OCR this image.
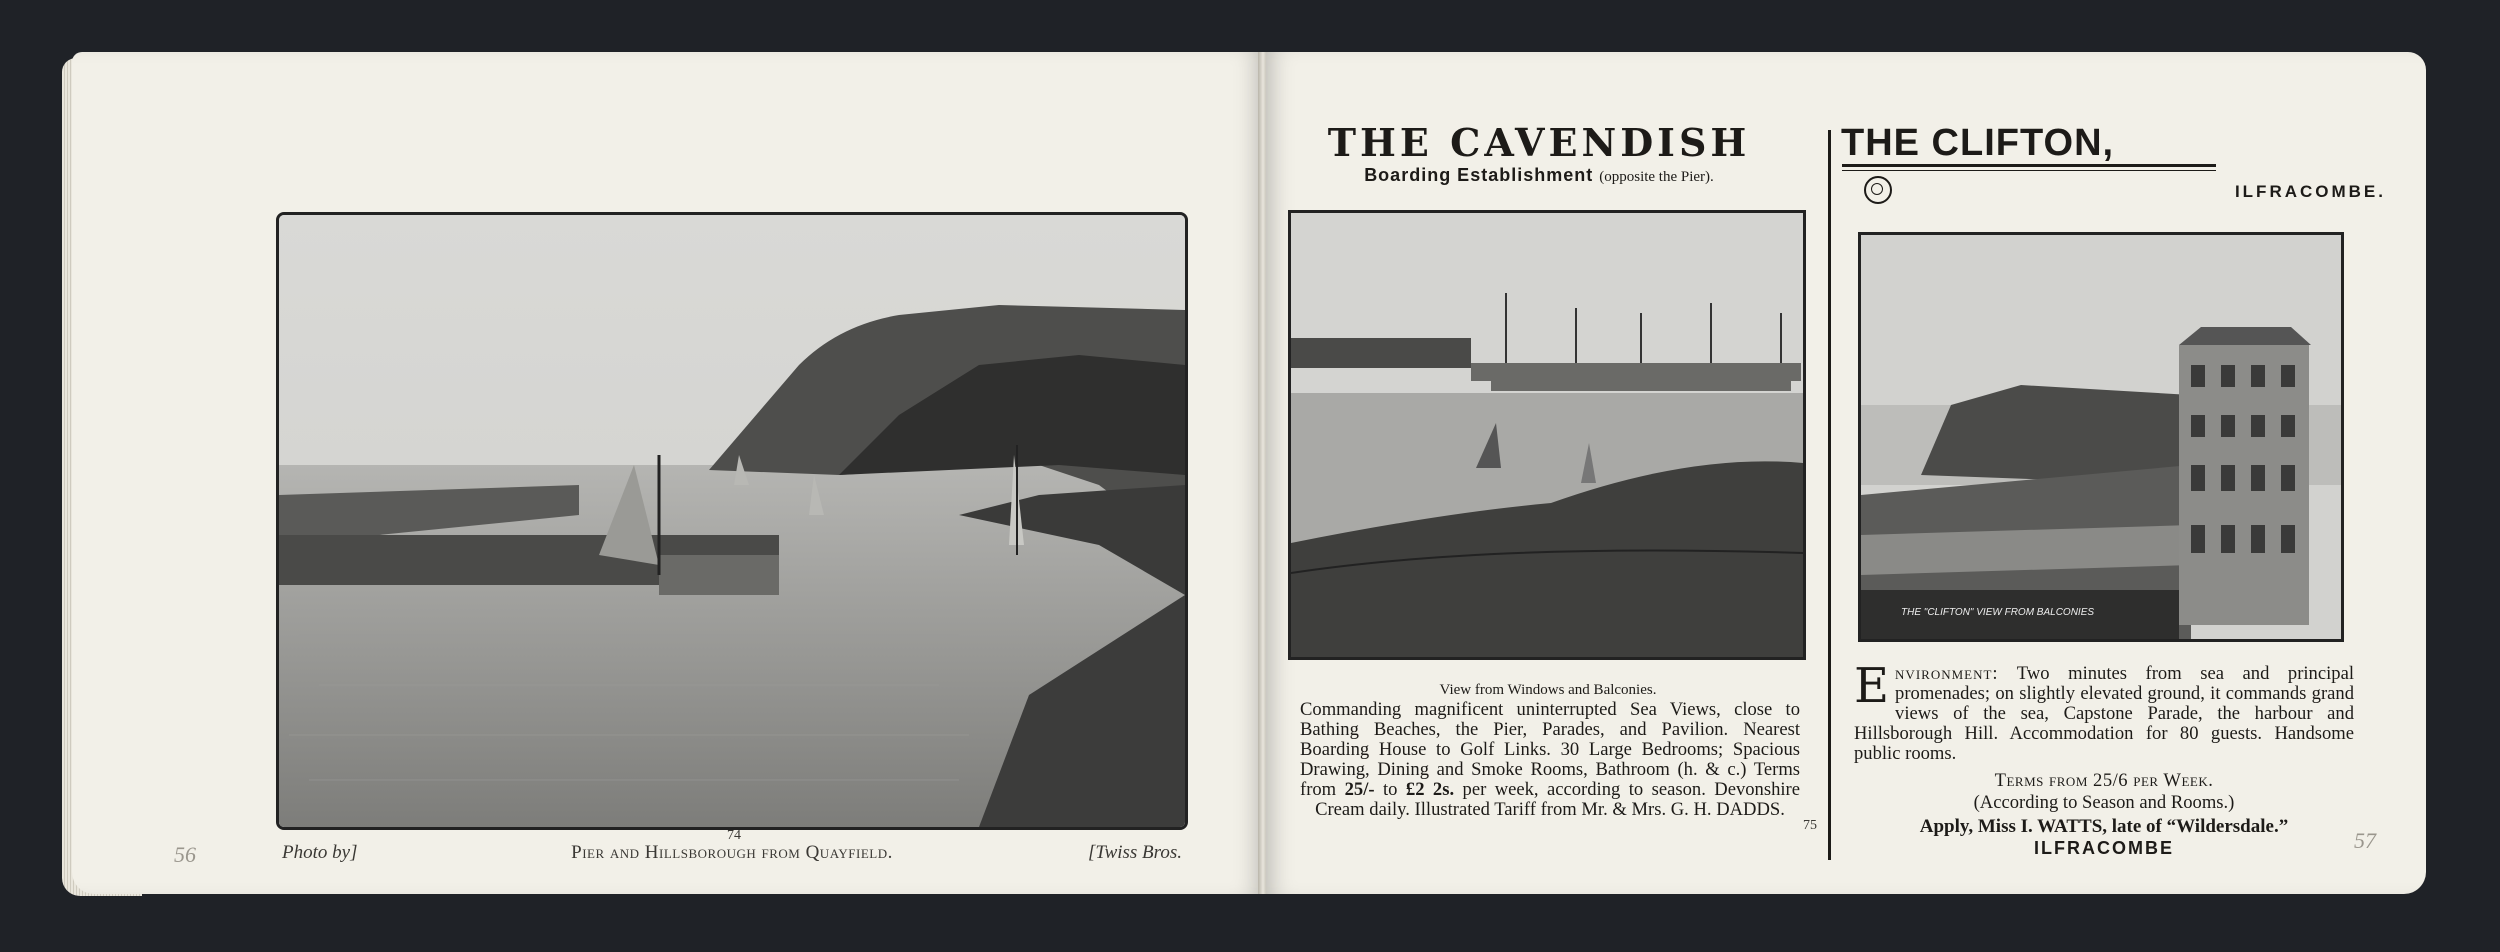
Photo by]	Pier and Hillsborough from Quayfield.	[Twiss Bros.
74
56
THE CAVENDISH
Boarding Establishment (opposite the Pier).
View from Windows and Balconies.
Commanding magnificent uninterrupted Sea Views, close to Bathing Beaches, the Pier, Parades, and Pavilion. Nearest Boarding House to Golf Links. 30 Large Bedrooms; Spacious Drawing, Dining and Smoke Rooms, Bathroom (h. & c.) Terms from 25/- to £2 2s. per week, according to season. Devonshire Cream daily. Illustrated Tariff from Mr. & Mrs. G. H. DADDS.
THE CLIFTON,
ILFRACOMBE.
THE "CLIFTON" VIEW FROM BALCONIES
Environment: Two minutes from sea and principal promenades; on slightly elevated ground, it commands grand views of the sea, Capstone Parade, the harbour and Hillsborough Hill. Accommodation for 80 guests. Handsome public rooms.
Terms from 25/6 per Week.
(According to Season and Rooms.)
Apply, Miss I. WATTS, late of “Wildersdale.”
ILFRACOMBE
75
57
